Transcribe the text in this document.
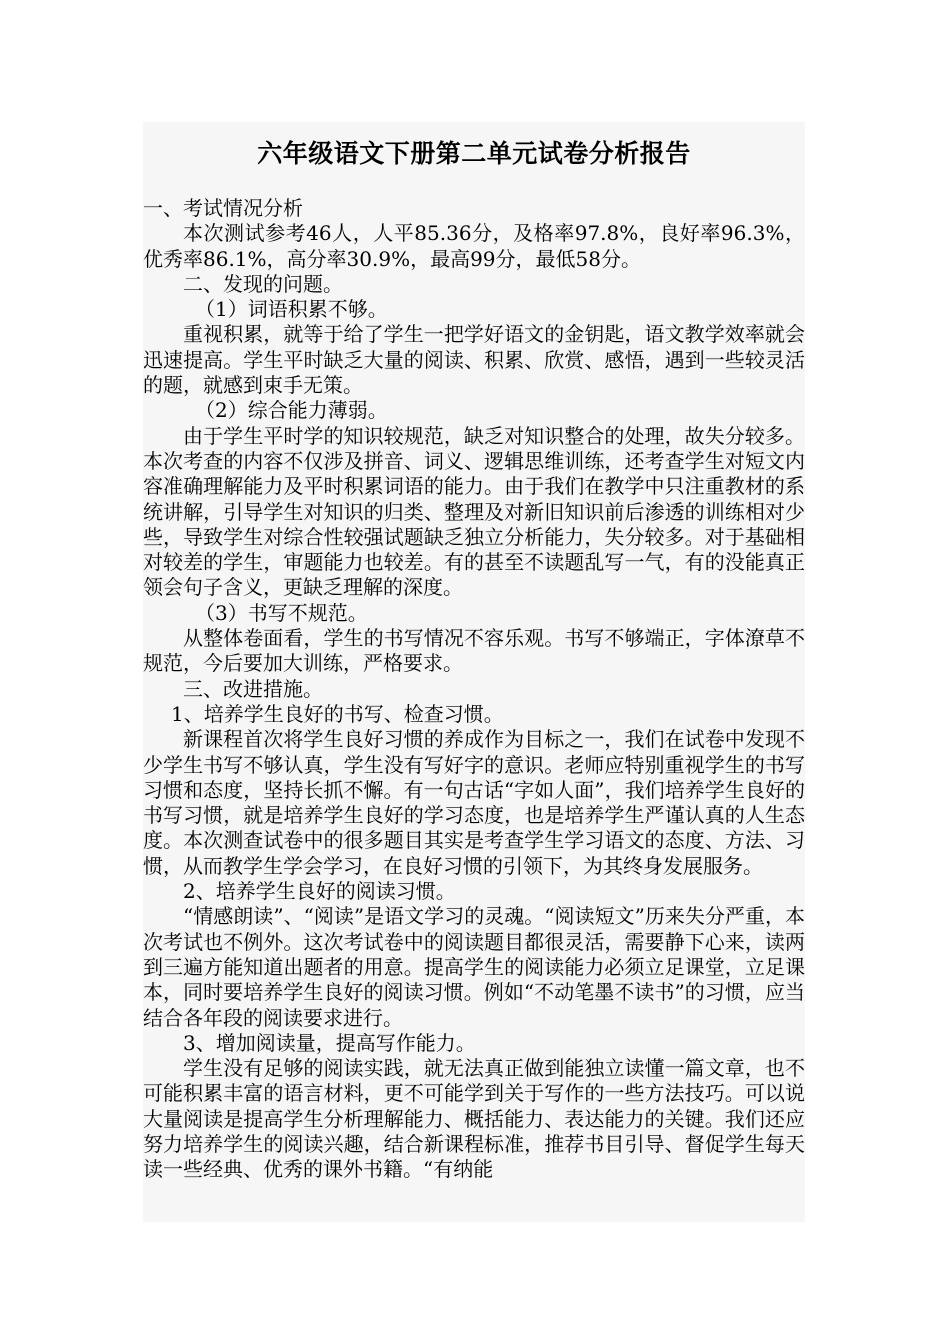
六年级语文下册第二单元试卷分析报告

一、考试情况分析

本次测试参考46人，人平85.36分，及格率97.8%，良好率96.3%，优秀率86.1%，高分率30.9%，最高99分，最低58分。

二、发现的问题。

（1）词语积累不够。

重视积累，就等于给了学生一把学好语文的金钥匙，语文教学效率就会迅速提高。学生平时缺乏大量的阅读、积累、欣赏、感悟，遇到一些较灵活的题，就感到束手无策。

（2）综合能力薄弱。

由于学生平时学的知识较规范，缺乏对知识整合的处理，故失分较多。本次考查的内容不仅涉及拼音、词义、逻辑思维训练，还考查学生对短文内容准确理解能力及平时积累词语的能力。由于我们在教学中只注重教材的系统讲解，引导学生对知识的归类、整理及对新旧知识前后渗透的训练相对少些，导致学生对综合性较强试题缺乏独立分析能力，失分较多。对于基础相对较差的学生，审题能力也较差。有的甚至不读题乱写一气，有的没能真正领会句子含义，更缺乏理解的深度。

（3）书写不规范。

从整体卷面看，学生的书写情况不容乐观。书写不够端正，字体潦草不规范，今后要加大训练，严格要求。

三、改进措施。

1、培养学生良好的书写、检查习惯。

新课程首次将学生良好习惯的养成作为目标之一，我们在试卷中发现不少学生书写不够认真，学生没有写好字的意识。老师应特别重视学生的书写习惯和态度，坚持长抓不懈。有一句古话“字如人面”，我们培养学生良好的书写习惯，就是培养学生良好的学习态度，也是培养学生严谨认真的人生态度。本次测查试卷中的很多题目其实是考查学生学习语文的态度、方法、习惯，从而教学生学会学习，在良好习惯的引领下，为其终身发展服务。

2、培养学生良好的阅读习惯。

“情感朗读”、“阅读”是语文学习的灵魂。“阅读短文”历来失分严重，本次考试也不例外。这次考试卷中的阅读题目都很灵活，需要静下心来，读两到三遍方能知道出题者的用意。提高学生的阅读能力必须立足课堂，立足课本，同时要培养学生良好的阅读习惯。例如“不动笔墨不读书”的习惯，应当结合各年段的阅读要求进行。

3、增加阅读量，提高写作能力。

学生没有足够的阅读实践，就无法真正做到能独立读懂一篇文章，也不可能积累丰富的语言材料，更不可能学到关于写作的一些方法技巧。可以说大量阅读是提高学生分析理解能力、概括能力、表达能力的关键。我们还应努力培养学生的阅读兴趣，结合新课程标准，推荐书目引导、督促学生每天读一些经典、优秀的课外书籍。“有纳能
